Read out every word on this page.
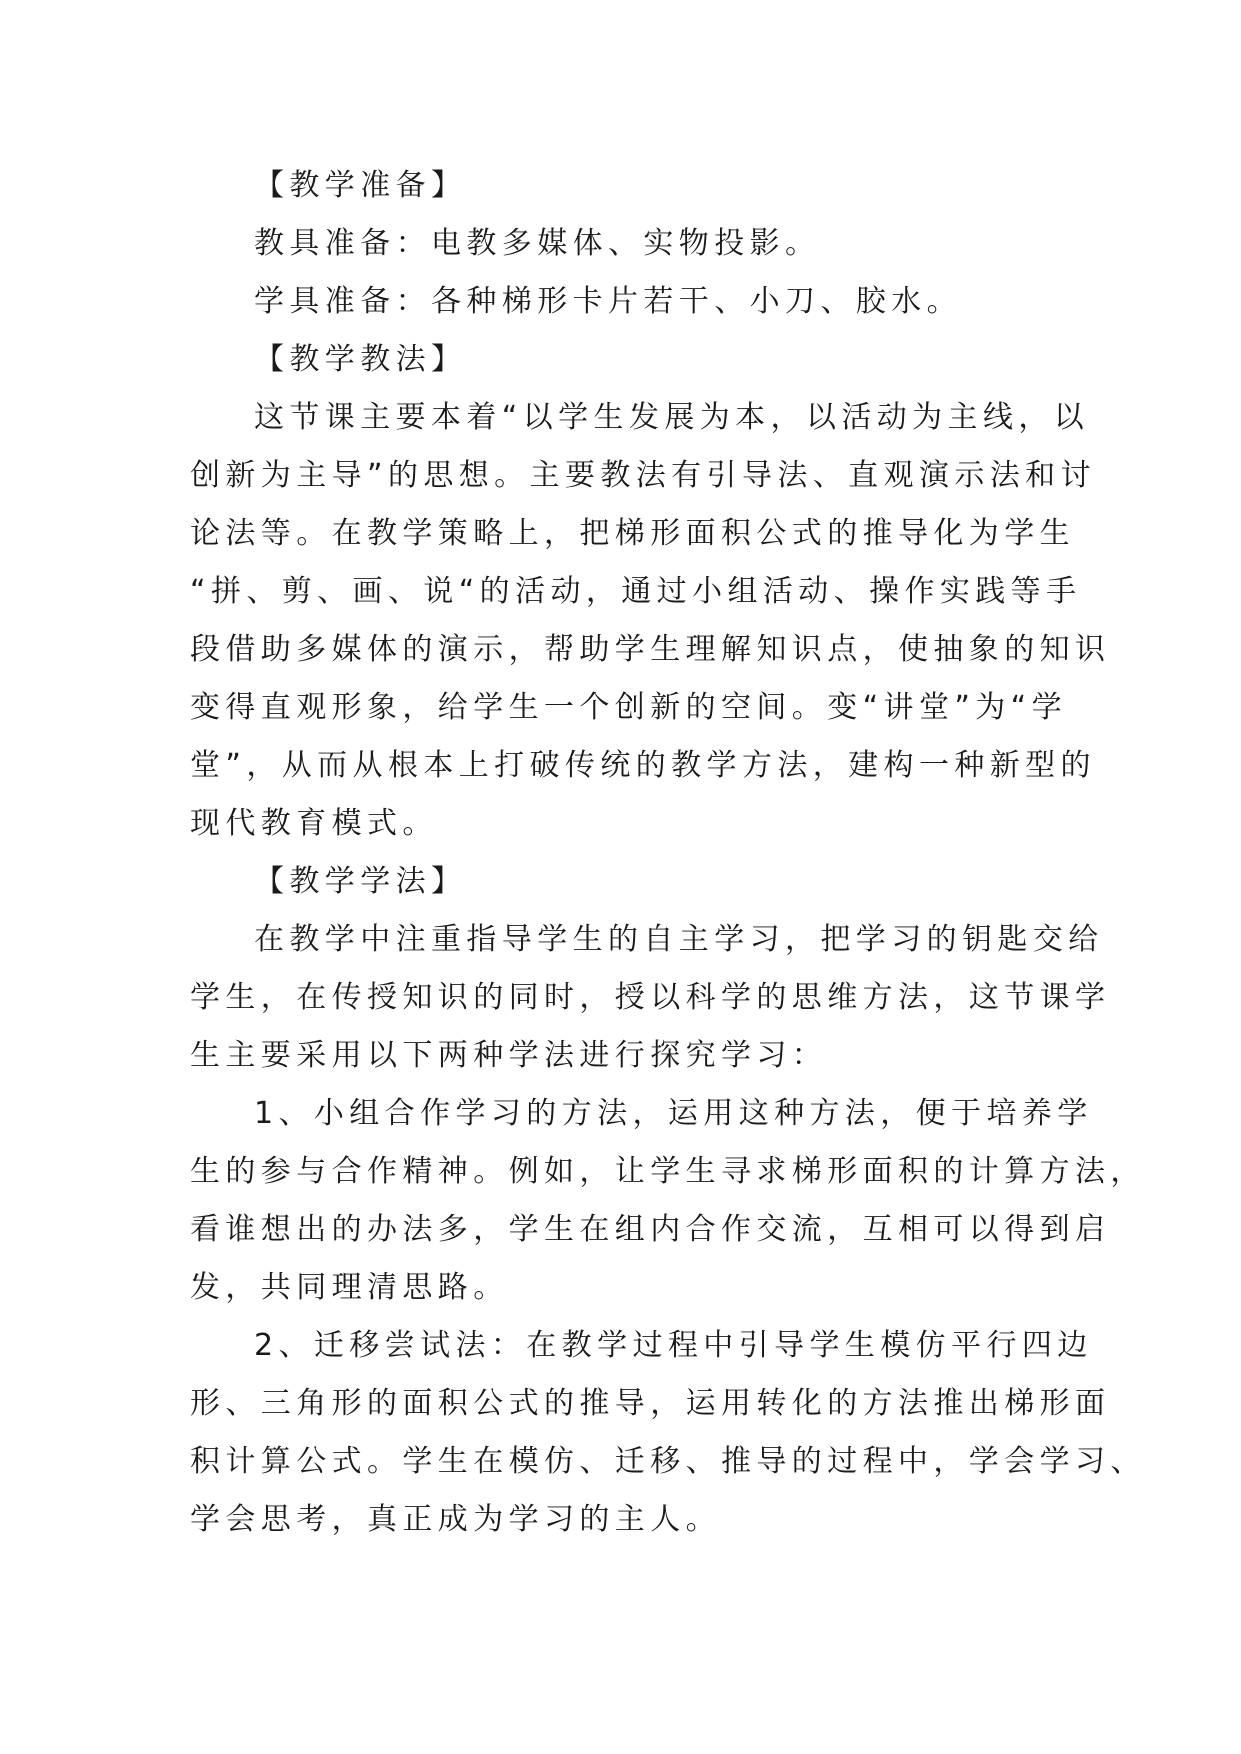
【教学准备】
教具准备：电教多媒体、实物投影。
学具准备：各种梯形卡片若干、小刀、胶水。
【教学教法】
这节课主要本着“以学生发展为本，以活动为主线，以
创新为主导”的思想。主要教法有引导法、直观演示法和讨
论法等。在教学策略上，把梯形面积公式的推导化为学生
“拼、剪、画、说“的活动，通过小组活动、操作实践等手
段借助多媒体的演示，帮助学生理解知识点，使抽象的知识
变得直观形象，给学生一个创新的空间。变“讲堂”为“学
堂”，从而从根本上打破传统的教学方法，建构一种新型的
现代教育模式。
【教学学法】
在教学中注重指导学生的自主学习，把学习的钥匙交给
学生，在传授知识的同时，授以科学的思维方法，这节课学
生主要采用以下两种学法进行探究学习：
1、小组合作学习的方法，运用这种方法，便于培养学
生的参与合作精神。例如，让学生寻求梯形面积的计算方法，
看谁想出的办法多，学生在组内合作交流，互相可以得到启
发，共同理清思路。
2、迁移尝试法：在教学过程中引导学生模仿平行四边
形、三角形的面积公式的推导，运用转化的方法推出梯形面
积计算公式。学生在模仿、迁移、推导的过程中，学会学习、
学会思考，真正成为学习的主人。
